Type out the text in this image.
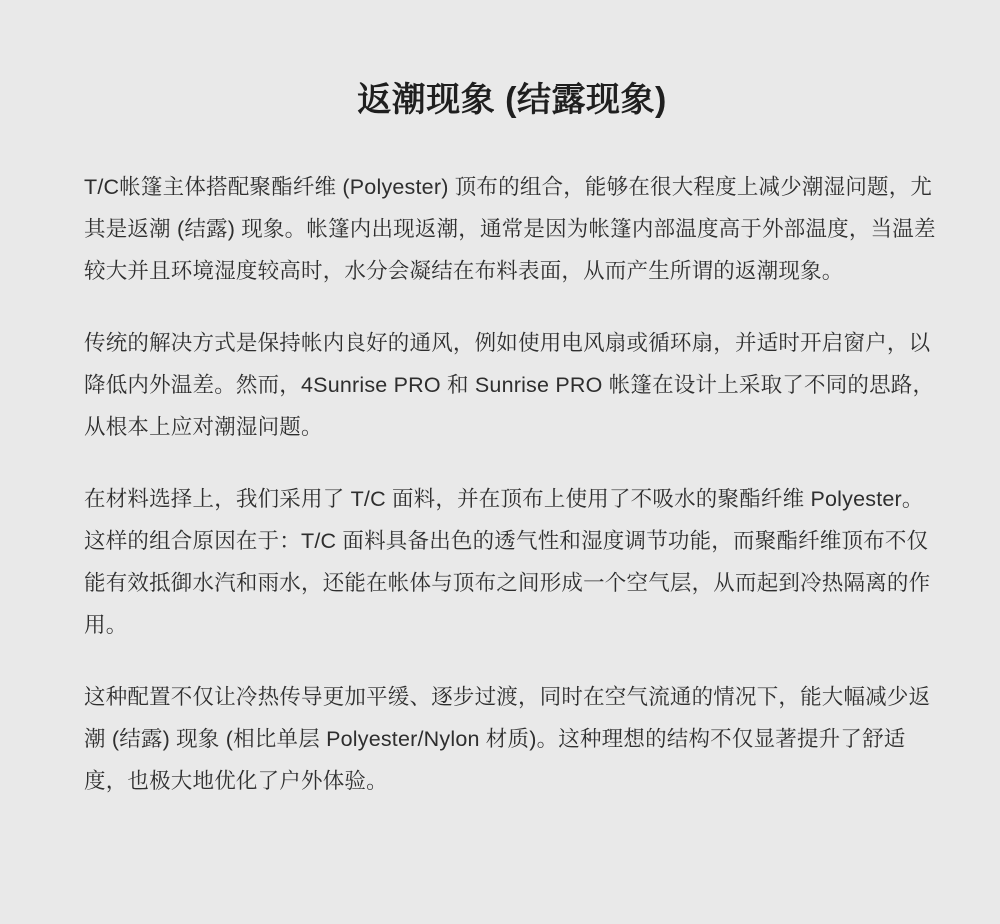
返潮现象 (结露现象)

T/C帐篷主体搭配聚酯纤维 (Polyester) 顶布的组合，能够在很大程度上减少潮湿问题，尤其是返潮 (结露) 现象。帐篷内出现返潮，通常是因为帐篷内部温度高于外部温度，当温差较大并且环境湿度较高时，水分会凝结在布料表面，从而产生所谓的返潮现象。

传统的解决方式是保持帐内良好的通风，例如使用电风扇或循环扇，并适时开启窗户，以降低内外温差。然而，4Sunrise PRO 和 Sunrise PRO 帐篷在设计上采取了不同的思路，从根本上应对潮湿问题。

在材料选择上，我们采用了 T/C 面料，并在顶布上使用了不吸水的聚酯纤维 Polyester。这样的组合原因在于：T/C 面料具备出色的透气性和湿度调节功能，而聚酯纤维顶布不仅能有效抵御水汽和雨水，还能在帐体与顶布之间形成一个空气层，从而起到冷热隔离的作用。

这种配置不仅让冷热传导更加平缓、逐步过渡，同时在空气流通的情况下，能大幅减少返潮 (结露) 现象 (相比单层 Polyester/Nylon 材质)。这种理想的结构不仅显著提升了舒适度，也极大地优化了户外体验。
